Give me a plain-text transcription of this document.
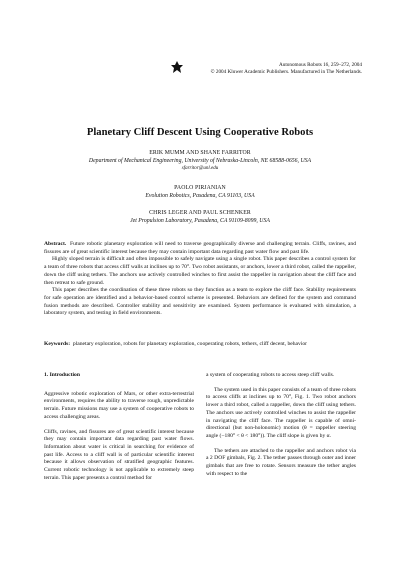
Autonomous Robots 16, 259–272, 2004
© 2004 Kluwer Academic Publishers. Manufactured in The Netherlands.
Planetary Cliff Descent Using Cooperative Robots
ERIK MUMM AND SHANE FARRITOR
Department of Mechanical Engineering, University of Nebraska-Lincoln, NE 68588-0656, USA
sfarritor@unl.edu
PAOLO PIRJANIAN
Evolution Robotics, Pasadena, CA 91103, USA
CHRIS LEGER AND PAUL SCHENKER
Jet Propulsion Laboratory, Pasadena, CA 91109-8099, USA

Abstract. Future robotic planetary exploration will need to traverse geographically diverse and challenging terrain. Cliffs, ravines, and fissures are of great scientific interest because they may contain important data regarding past water flow and past life.

Highly sloped terrain is difficult and often impossible to safely navigate using a single robot. This paper describes a control system for a team of three robots that access cliff walls at inclines up to 70°. Two robot assistants, or anchors, lower a third robot, called the rappeller, down the cliff using tethers. The anchors use actively controlled winches to first assist the rappeller in navigation about the cliff face and then retreat to safe ground.

This paper describes the coordination of these three robots so they function as a team to explore the cliff face. Stability requirements for safe operation are identified and a behavior-based control scheme is presented. Behaviors are defined for the system and command fusion methods are described. Controller stability and sensitivity are examined. System performance is evaluated with simulation, a laboratory system, and testing in field environments.

Keywords: planetary exploration, robots for planetary exploration, cooperating robots, tethers, cliff decent, behavior

1. Introduction

Aggressive robotic exploration of Mars, or other extra-terrestrial environments, requires the ability to traverse rough, unpredictable terrain. Future missions may use a system of cooperative robots to access challenging areas.

Cliffs, ravines, and fissures are of great scientific interest because they may contain important data regarding past water flows. Information about water is critical in searching for evidence of past life. Access to a cliff wall is of particular scientific interest because it allows observation of stratified geographic features. Current robotic technology is not applicable to extremely steep terrain. This paper presents a control method for

a system of cooperating robots to access steep cliff walls.

The system used in this paper consists of a team of three robots to access cliffs at inclines up to 70°, Fig. 1. Two robot anchors lower a third robot, called a rappeller, down the cliff using tethers. The anchors use actively controlled winches to assist the rappeller in navigating the cliff face. The rappeller is capable of omni-directional (but non-holonomic) motion (θ = rappeller steering angle (−180° < θ < 180°)). The cliff slope is given by α.

The tethers are attached to the rappeller and anchors robot via a 2 DOF gimbals, Fig. 2. The tether passes through outer and inner gimbals that are free to rotate. Sensors measure the tether angles with respect to the
